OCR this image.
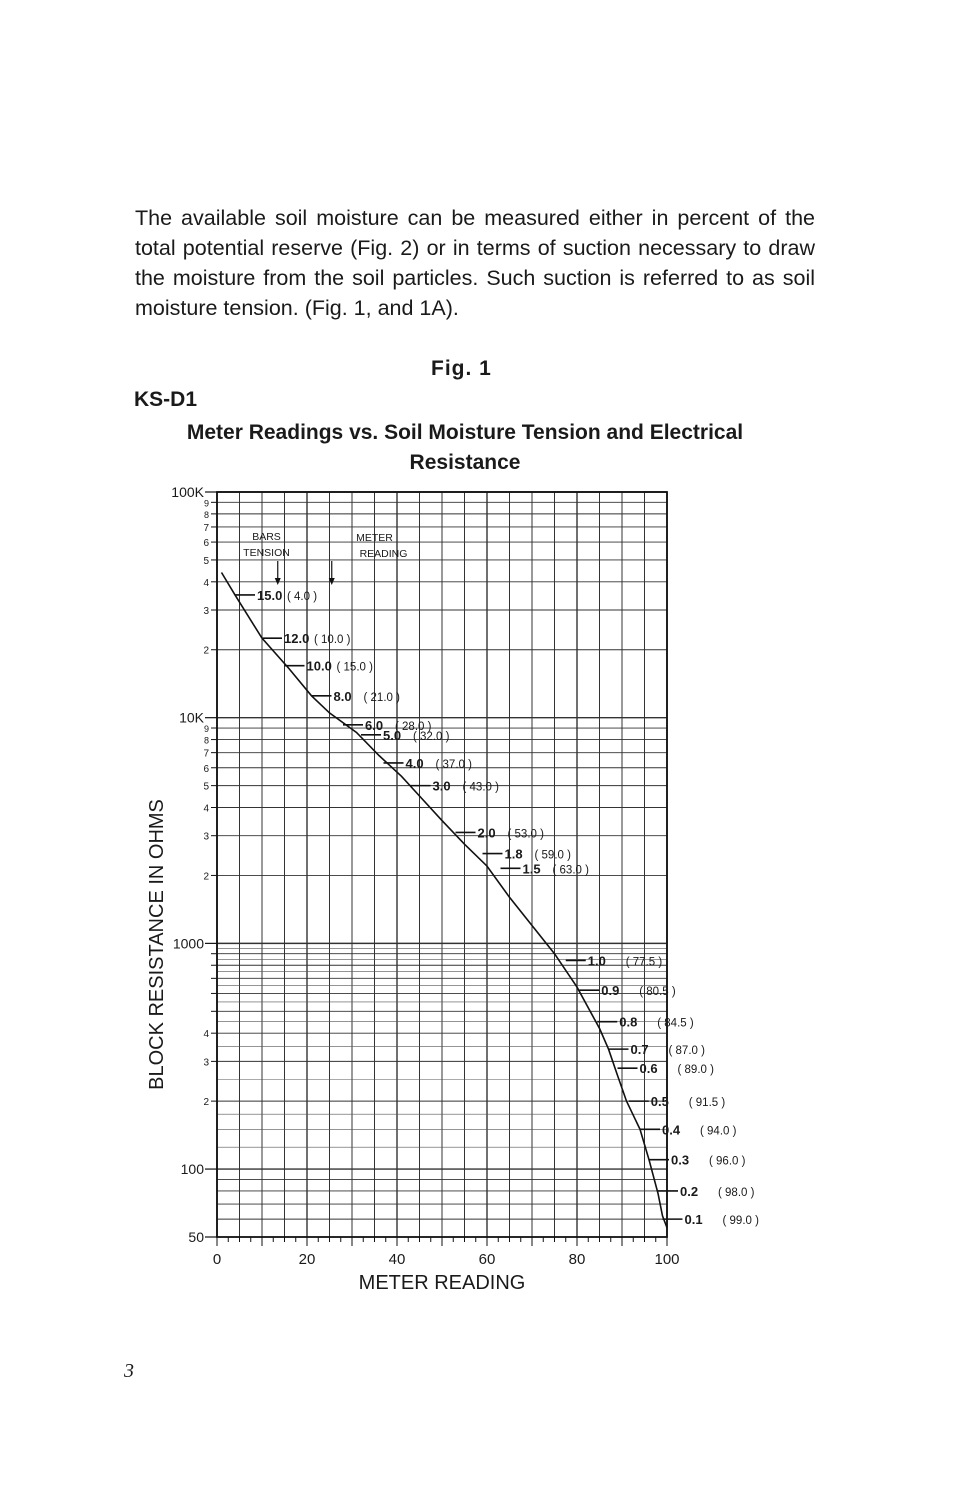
The available soil moisture can be measured either in percent of the total potential reserve (Fig. 2) or in terms of suction necessary to draw the moisture from the soil particles. Such suction is referred to as soil moisture tension. (Fig. 1, and 1A).

Fig. 1
KS-D1
Meter Readings vs. Soil Moisture Tension and Electrical Resistance
0	20	40	60	80	100
100K
10K
1000
100
50
2
3
4
5
6
7
8
9
2
3
4
5
6
7
8
9
2
3
4
15.0 ( 4.0 )
12.0 ( 10.0 )
10.0 ( 15.0 )
8.0 ( 21.0 )
6.0 ( 28.0 )
5.0 ( 32.0 )
4.0 ( 37.0 )
3.0 ( 43.0 )
2.0 ( 53.0 )
1.8 ( 59.0 )
1.5 ( 63.0 )
1.0 ( 77.5 )
0.9 ( 80.5 )
0.8 ( 84.5 )
0.7 ( 87.0 )
0.6 ( 89.0 )
0.5 ( 91.5 )
0.4 ( 94.0 )
0.3 ( 96.0 )
0.2 ( 98.0 )
0.1 ( 99.0 )
METER READING
BLOCK RESISTANCE IN OHMS
BARS
TENSION
METER
READING
3
